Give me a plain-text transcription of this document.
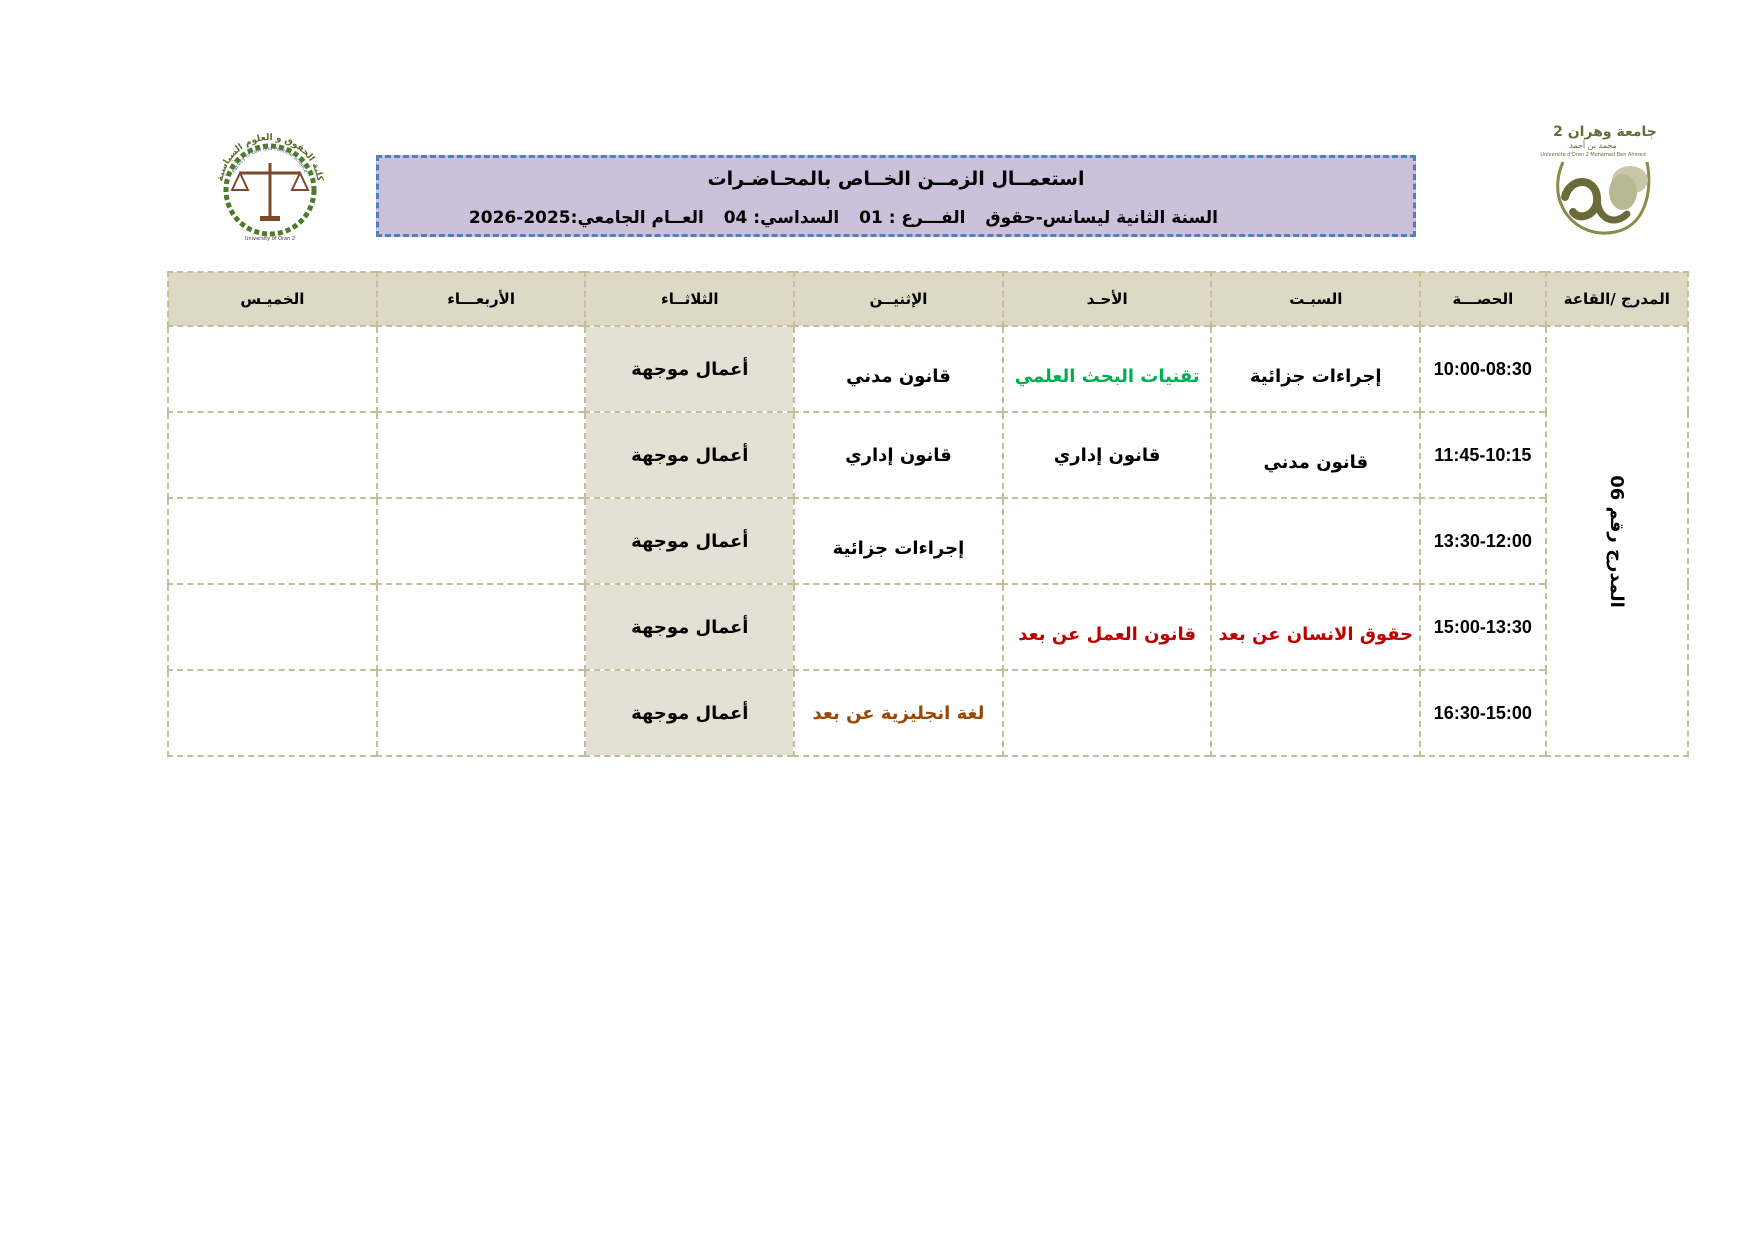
جامعة وهران 2
محمد بن أحمد
Université d'Oran 2 Mohamed Ben Ahmed
كلية الحقوق و العلوم السياسية
Faculty of Law and Political Science
University of Oran 2
استعمــال الزمــن الخــاص بالمحـاضـرات
السنة الثانية ليسانس-حقوق الفـــرع : 01 السداسي: 04 العــام الجامعي:2025-2026
المدرج /القاعة	الحصـــة	السبـت	الأحـد	الإثنيــن	الثلاثــاء	الأربعـــاء	الخميـس
المدرج رقم 06	10:00-08:30	إجراءات جزائية	تقنيات البحث العلمي	قانون مدني	أعمال موجهة		
	11:45-10:15	قانون مدني	قانون إداري	قانون إداري	أعمال موجهة		
	13:30-12:00			إجراءات جزائية	أعمال موجهة		
	15:00-13:30	حقوق الانسان عن بعد	قانون العمل عن بعد		أعمال موجهة		
	16:30-15:00			لغة انجليزية عن بعد	أعمال موجهة		
